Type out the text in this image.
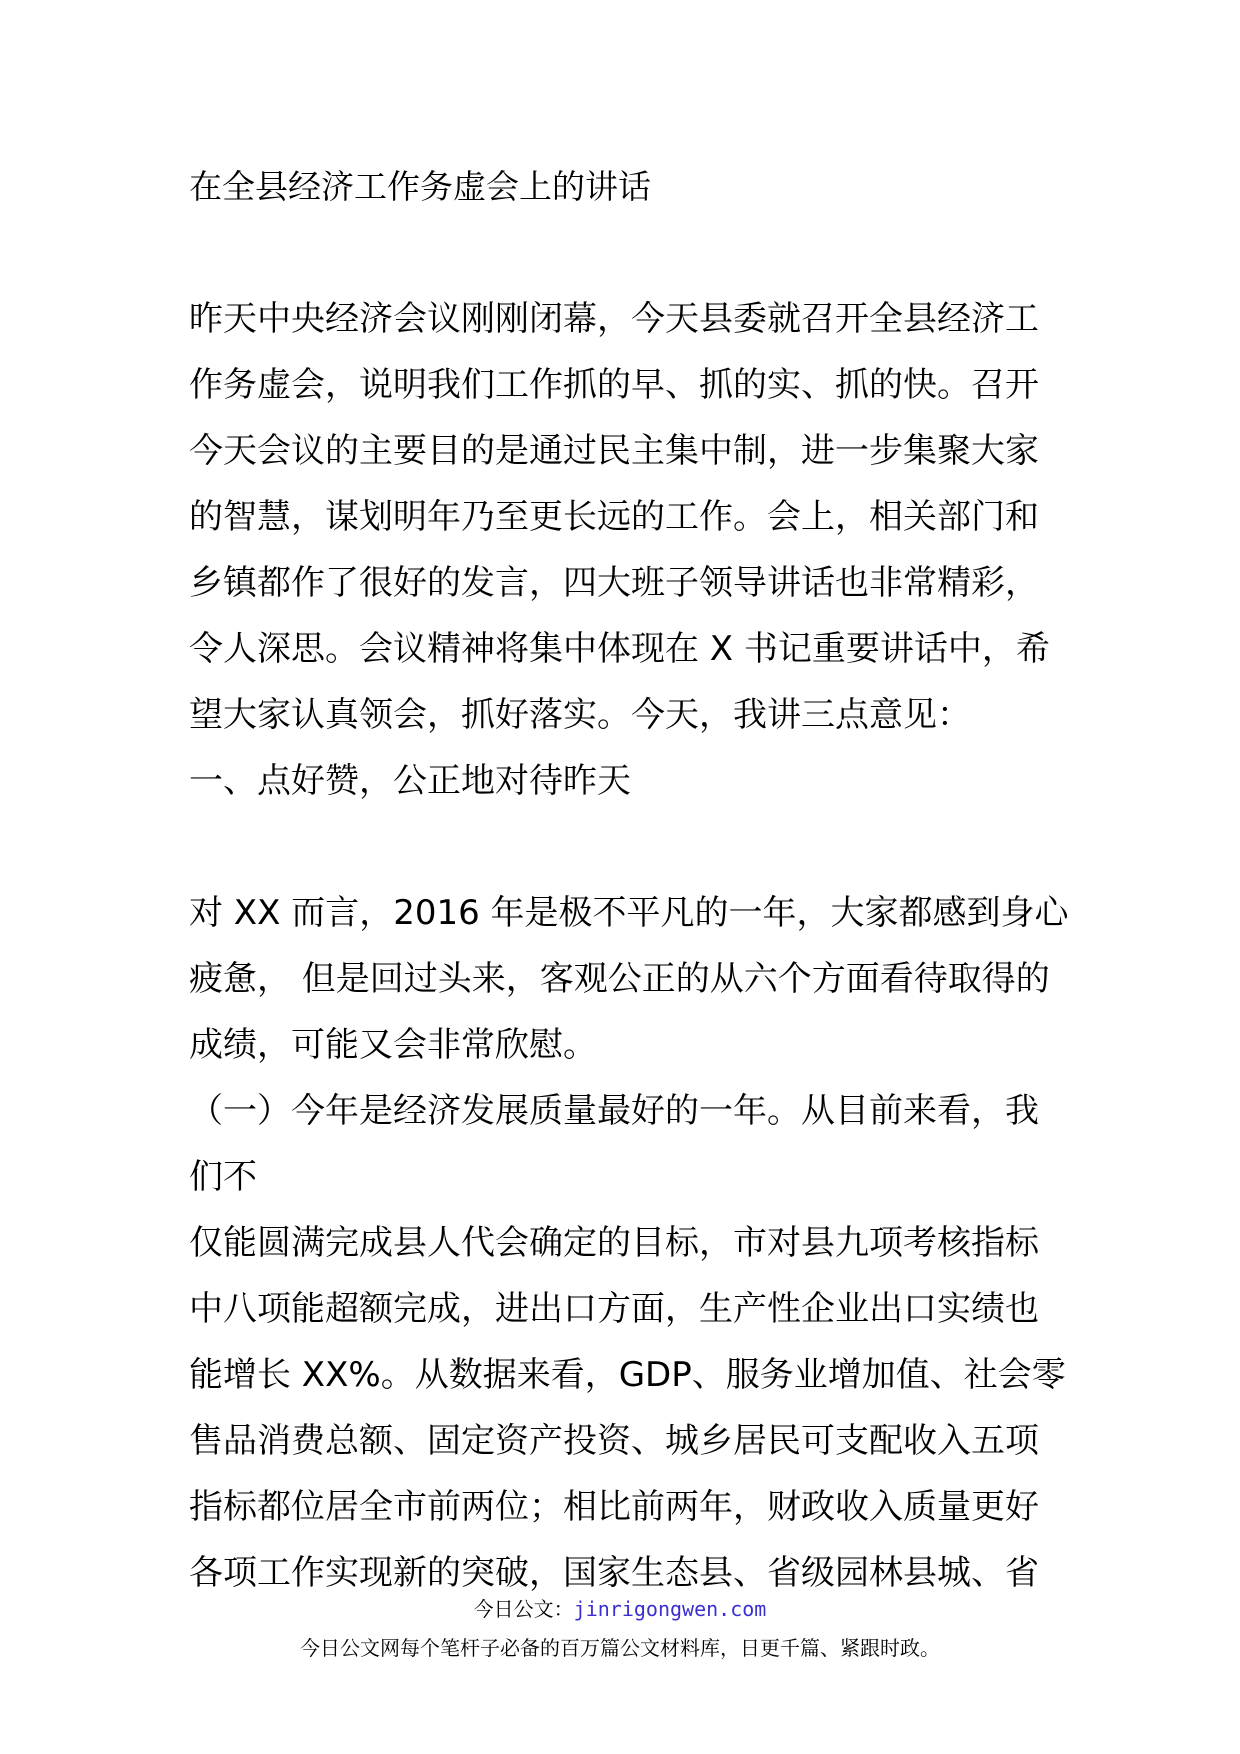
在全县经济工作务虚会上的讲话
昨天中央经济会议刚刚闭幕，今天县委就召开全县经济工
作务虚会，说明我们工作抓的早、抓的实、抓的快。召开
今天会议的主要目的是通过民主集中制，进一步集聚大家
的智慧，谋划明年乃至更长远的工作。会上，相关部门和
乡镇都作了很好的发言，四大班子领导讲话也非常精彩，
令人深思。会议精神将集中体现在 X 书记重要讲话中，希
望大家认真领会，抓好落实。今天，我讲三点意见：
一、点好赞，公正地对待昨天
对 XX 而言，2016 年是极不平凡的一年，大家都感到身心
疲惫， 但是回过头来，客观公正的从六个方面看待取得的
成绩，可能又会非常欣慰。
（一）今年是经济发展质量最好的一年。从目前来看，我
们不
仅能圆满完成县人代会确定的目标，市对县九项考核指标
中八项能超额完成，进出口方面，生产性企业出口实绩也
能增长 XX%。从数据来看，GDP、服务业增加值、社会零
售品消费总额、固定资产投资、城乡居民可支配收入五项
指标都位居全市前两位；相比前两年，财政收入质量更好
各项工作实现新的突破，国家生态县、省级园林县城、省
今日公文：jinrigongwen.com
今日公文网每个笔杆子必备的百万篇公文材料库，日更千篇、紧跟时政。
